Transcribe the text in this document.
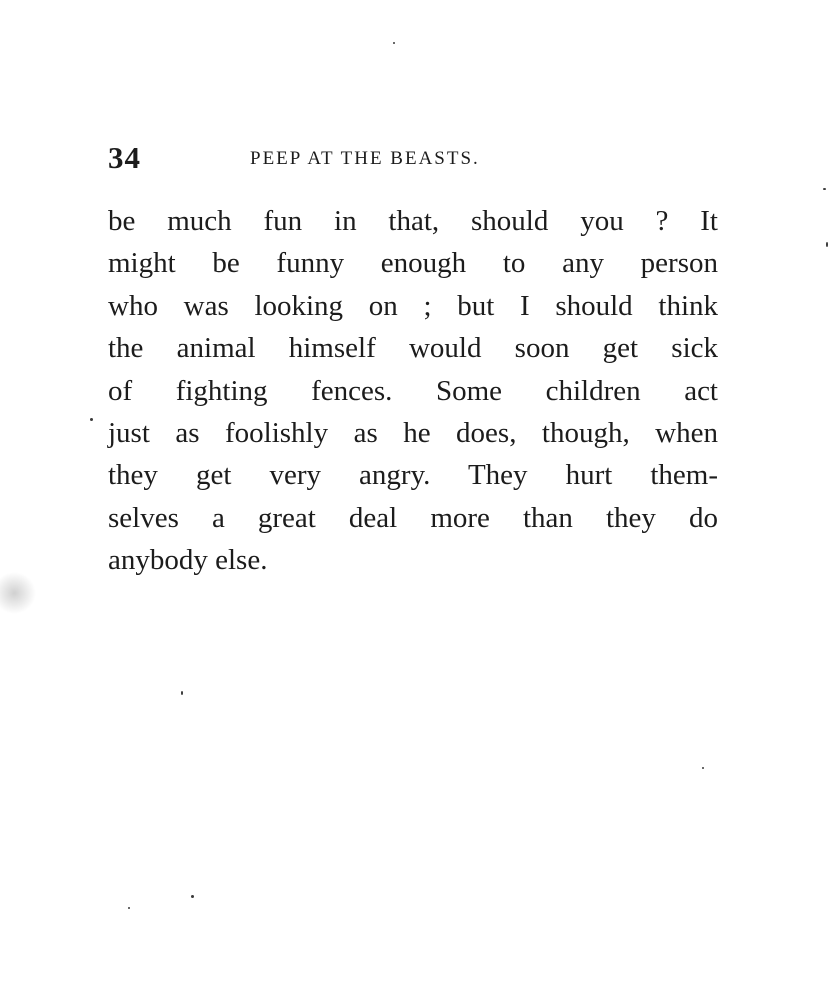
34	PEEP AT THE BEASTS.

be much fun in that, should you ? It
might be funny enough to any person
who was looking on ; but I should think
the animal himself would soon get sick
of fighting fences. Some children act
just as foolishly as he does, though, when
they get very angry. They hurt them-
selves a great deal more than they do
anybody else.
